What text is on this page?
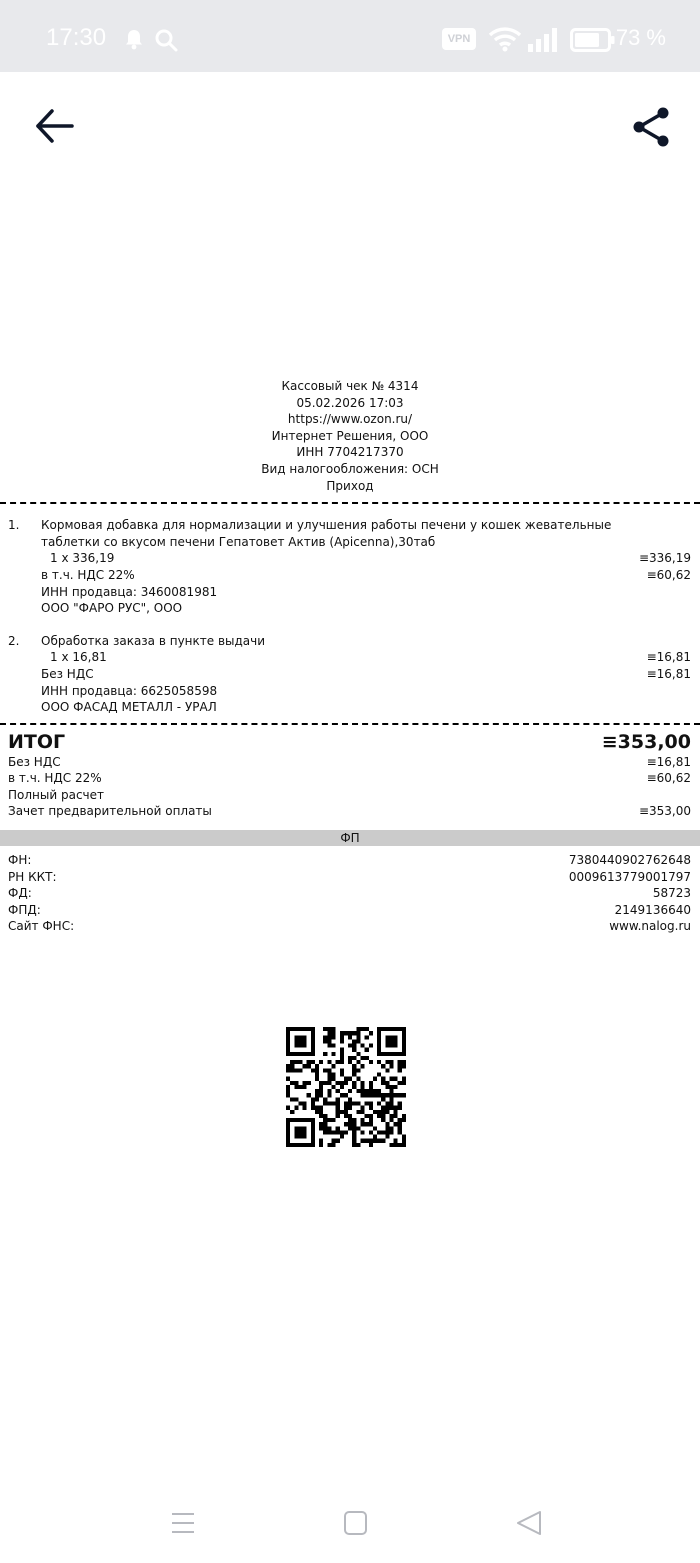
17:30	VPN	73 %
Кассовый чек № 4314
05.02.2026 17:03
https://www.ozon.ru/
Интернет Решения, ООО
ИНН 7704217370
Вид налогообложения: ОСН
Приход
1.	Кормовая добавка для нормализации и улучшения работы печени у кошек жевательные
таблетки со вкусом печени Гепатовет Актив (Apicenna),30таб
1 x 336,19	≡336,19
в т.ч. НДС 22%	≡60,62
ИНН продавца: 3460081981
ООО "ФАРО РУС", ООО
2.	Обработка заказа в пункте выдачи
1 x 16,81	≡16,81
Без НДС	≡16,81
ИНН продавца: 6625058598
ООО ФАСАД МЕТАЛЛ - УРАЛ
ИТОГ	≡353,00
Без НДС	≡16,81
в т.ч. НДС 22%	≡60,62
Полный расчет
Зачет предварительной оплаты	≡353,00
ФП
ФН:	7380440902762648
РН ККТ:	0009613779001797
ФД:	58723
ФПД:	2149136640
Сайт ФНС:	www.nalog.ru
